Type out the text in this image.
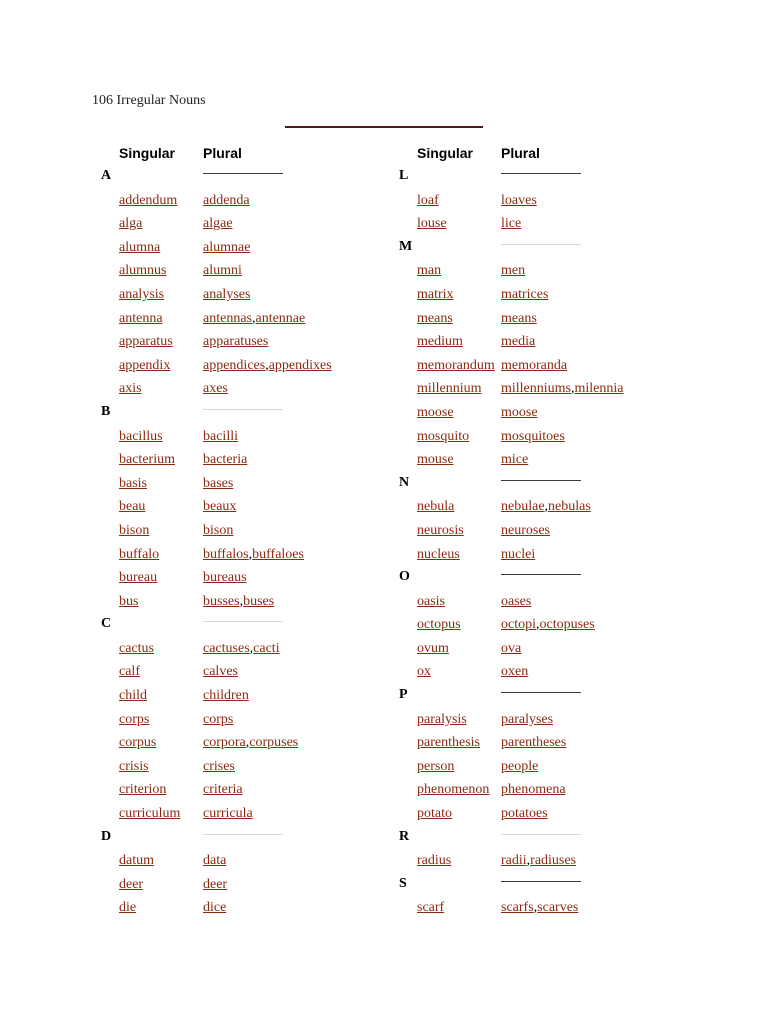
106 Irregular Nouns
Singular Plural
A
addendum addenda
alga	algae
alumna	alumnae
alumnus	alumni
analysis	analyses
antenna	antennas,antennae
apparatus apparatuses
appendix appendices,appendixes
axis	axes
B
bacillus	bacilli
bacterium bacteria
basis	bases
beau	beaux
bison	bison
buffalo	buffalos,buffaloes
bureau	bureaus
bus	busses,buses
C
cactus	cactuses,cacti
calf	calves
child	children
corps	corps
corpus	corpora,corpuses
crisis	crises
criterion	criteria
curriculum curricula
D
datum	data
deer	deer
die	dice
Singular Plural
L
loaf	loaves
louse	lice
M
man	men
matrix	matrices
means	means
medium	media
memorandum memoranda
millennium millenniums,milennia
moose	moose
mosquito mosquitoes
mouse	mice
N
nebula	nebulae,nebulas
neurosis	neuroses
nucleus	nuclei
O
oasis	oases
octopus	octopi,octopuses
ovum	ova
ox	oxen
P
paralysis paralyses
parenthesis parentheses
person	people
phenomenon phenomena
potato	potatoes
R
radius	radii,radiuses
S
scarf	scarfs,scarves
